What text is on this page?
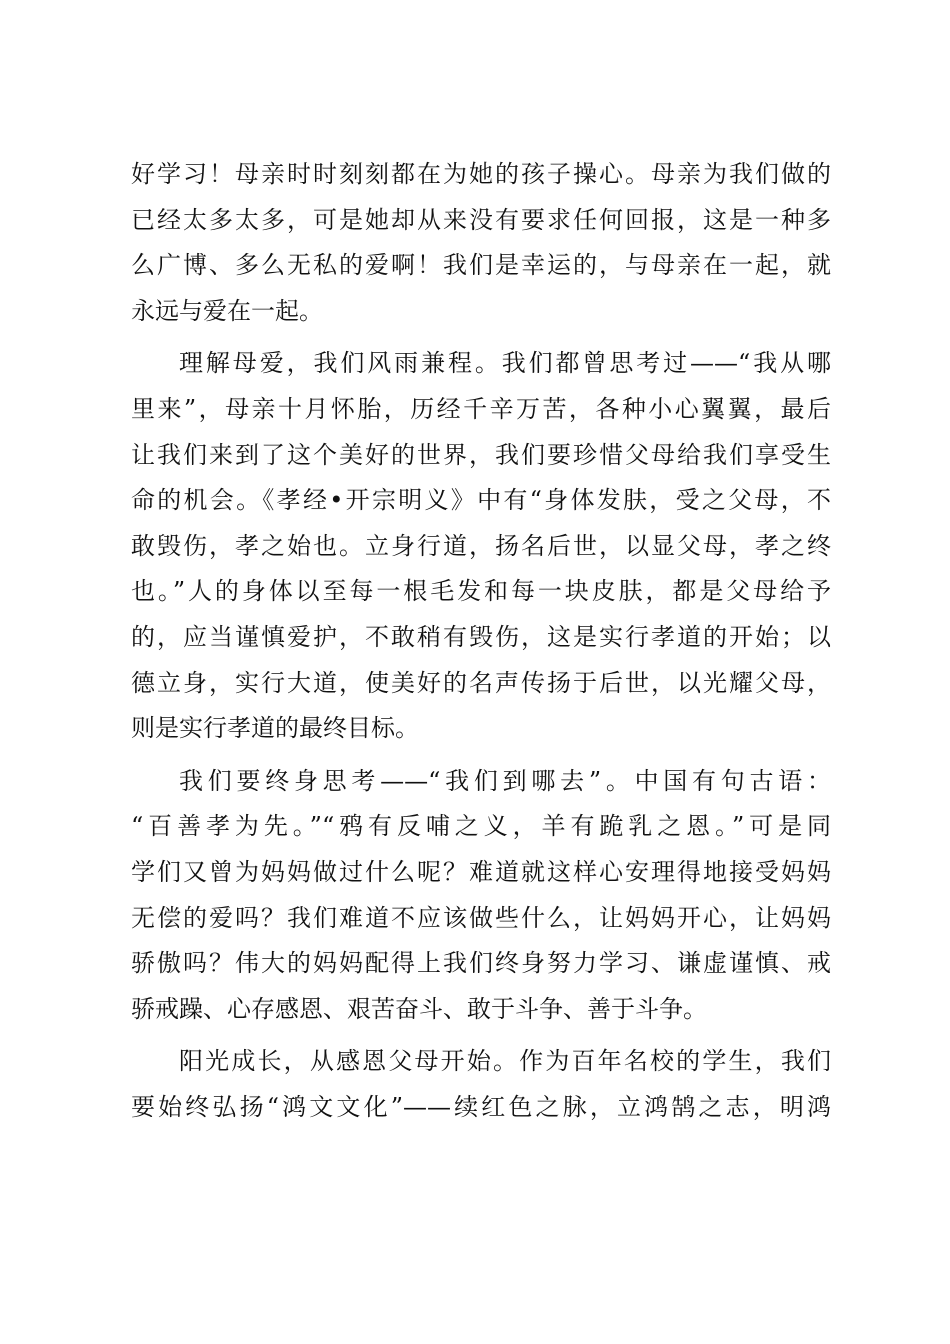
好学习！母亲时时刻刻都在为她的孩子操心。母亲为我们做的
已经太多太多，可是她却从来没有要求任何回报，这是一种多
么广博、多么无私的爱啊！我们是幸运的，与母亲在一起，就
永远与爱在一起。
理解母爱，我们风雨兼程。我们都曾思考过——“我从哪
里来”，母亲十月怀胎，历经千辛万苦，各种小心翼翼，最后
让我们来到了这个美好的世界，我们要珍惜父母给我们享受生
命的机会。《孝经•开宗明义》中有“身体发肤，受之父母，不
敢毁伤，孝之始也。立身行道，扬名后世，以显父母，孝之终
也。”人的身体以至每一根毛发和每一块皮肤，都是父母给予
的，应当谨慎爱护，不敢稍有毁伤，这是实行孝道的开始；以
德立身，实行大道，使美好的名声传扬于后世，以光耀父母，
则是实行孝道的最终目标。
我们要终身思考——“我们到哪去”。中国有句古语：
“百善孝为先。”“鸦有反哺之义，羊有跪乳之恩。”可是同
学们又曾为妈妈做过什么呢？难道就这样心安理得地接受妈妈
无偿的爱吗？我们难道不应该做些什么，让妈妈开心，让妈妈
骄傲吗？伟大的妈妈配得上我们终身努力学习、谦虚谨慎、戒
骄戒躁、心存感恩、艰苦奋斗、敢于斗争、善于斗争。
阳光成长，从感恩父母开始。作为百年名校的学生，我们
要始终弘扬“鸿文文化”——续红色之脉，立鸿鹄之志，明鸿
